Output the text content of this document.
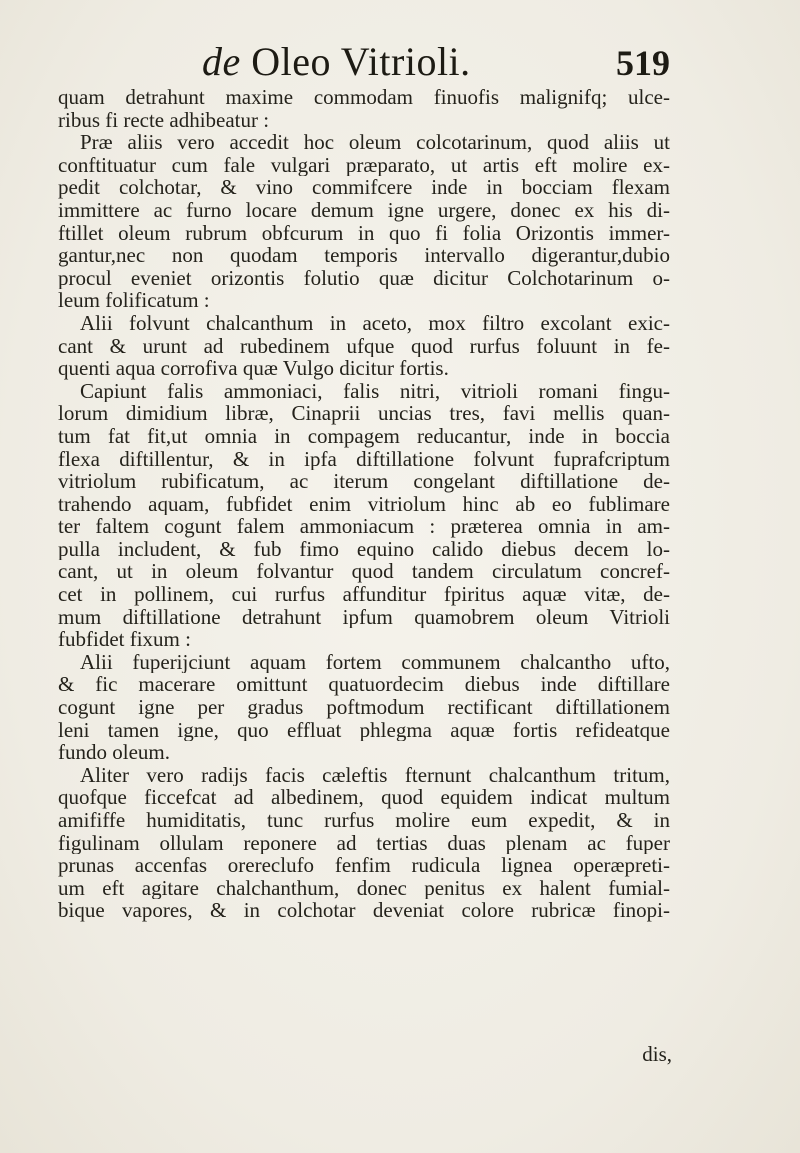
de Oleo Vitrioli.	519
quam detrahunt maxime commodam finuofis malignifq; ulce-
ribus fi recte adhibeatur :
Præ aliis vero accedit hoc oleum colcotarinum, quod aliis ut
conftituatur cum fale vulgari præparato, ut artis eft molire ex-
pedit colchotar, & vino commifcere inde in bocciam flexam
immittere ac furno locare demum igne urgere, donec ex his di-
ftillet oleum rubrum obfcurum in quo fi folia Orizontis immer-
gantur,nec non quodam temporis intervallo digerantur,dubio
procul eveniet orizontis folutio quæ dicitur Colchotarinum o-
leum folificatum :
Alii folvunt chalcanthum in aceto, mox filtro excolant exic-
cant & urunt ad rubedinem ufque quod rurfus foluunt in fe-
quenti aqua corrofiva quæ Vulgo dicitur fortis.
Capiunt falis ammoniaci, falis nitri, vitrioli romani fingu-
lorum dimidium libræ, Cinaprii uncias tres, favi mellis quan-
tum fat fit,ut omnia in compagem reducantur, inde in boccia
flexa diftillentur, & in ipfa diftillatione folvunt fuprafcriptum
vitriolum rubificatum, ac iterum congelant diftillatione de-
trahendo aquam, fubfidet enim vitriolum hinc ab eo fublimare
ter faltem cogunt falem ammoniacum : præterea omnia in am-
pulla includent, & fub fimo equino calido diebus decem lo-
cant, ut in oleum folvantur quod tandem circulatum concref-
cet in pollinem, cui rurfus affunditur fpiritus aquæ vitæ, de-
mum diftillatione detrahunt ipfum quamobrem oleum Vitrioli
fubfidet fixum :
Alii fuperijciunt aquam fortem communem chalcantho ufto,
& fic macerare omittunt quatuordecim diebus inde diftillare
cogunt igne per gradus poftmodum rectificant diftillationem
leni tamen igne, quo effluat phlegma aquæ fortis refideatque
fundo oleum.
Aliter vero radijs facis cæleftis fternunt chalcanthum tritum,
quofque ficcefcat ad albedinem, quod equidem indicat multum
amififfe humiditatis, tunc rurfus molire eum expedit, & in
figulinam ollulam reponere ad tertias duas plenam ac fuper
prunas accenfas orereclufo fenfim rudicula lignea operæpreti-
um eft agitare chalchanthum, donec penitus ex halent fumial-
bique vapores, & in colchotar deveniat colore rubricæ finopi-
dis,
